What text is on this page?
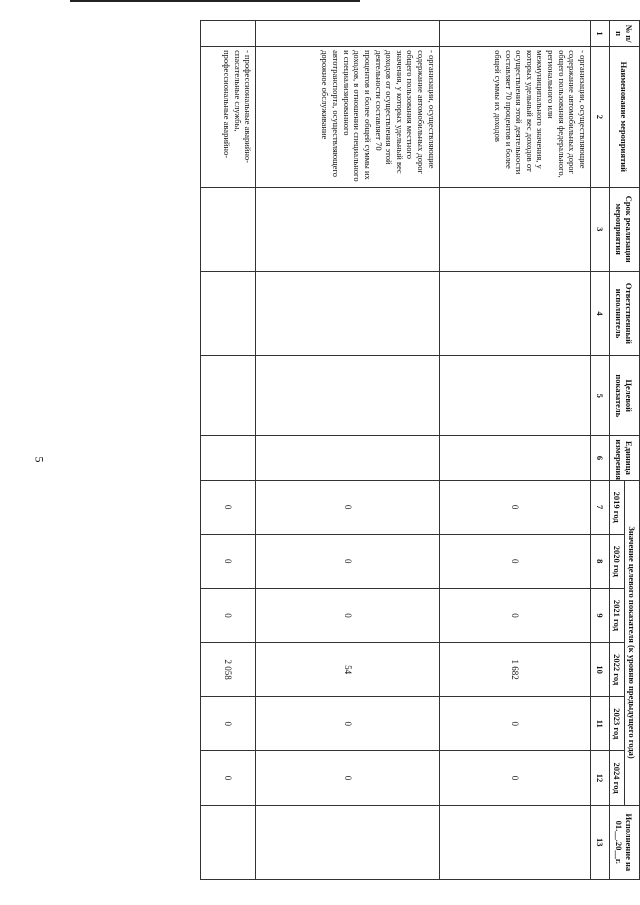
5
№ п/п	Наименование мероприятий	Срок реализации мероприятия	Ответственный исполнитель	Целевой показатель	Единица измерения	Значение целевого показателя (к уровню предыдущего года)						Исполнение на 01.__.20__г.
						2019 год	2020 год	2021 год	2022 год	2023 год	2024 год	
1	2	3	4	5	6	7	8	9	10	11	12	13
	- организации, осуществляющие содержание автомобильных дорог общего пользования федерального, регионального или межмуниципального значения, у которых удельный вес доходов от осуществления этой деятельности составляет 70 процентов и более общей суммы их доходов					0	0	0	1 682	0	0	
	- организации, осуществляющие содержание автомобильных дорог общего пользования местного значения, у которых удельный вес доходов от осуществления этой деятельности составляет 70 процентов и более общей суммы их доходов, в отношении специального и специализированного автотранспорта, осуществляющего дорожное обслуживание					0	0	0	54	0	0	
	- профессиональные аварийно-спасательные службы, профессиональные аварийно-					0	0	0	2 058	0	0	
